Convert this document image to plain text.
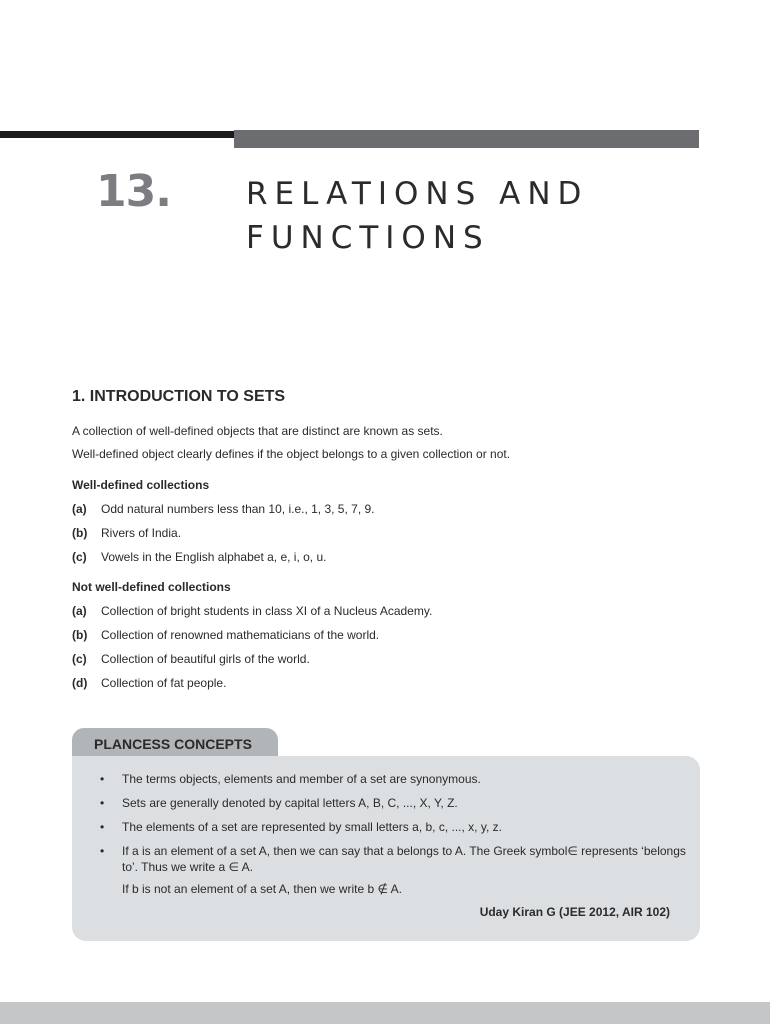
13. RELATIONS AND
FUNCTIONS
1. INTRODUCTION TO SETS
A collection of well-defined objects that are distinct are known as sets.
Well-defined object clearly defines if the object belongs to a given collection or not.
Well-defined collections
(a) Odd natural numbers less than 10, i.e., 1, 3, 5, 7, 9.
(b) Rivers of India.
(c) Vowels in the English alphabet a, e, i, o, u.
Not well-defined collections
(a) Collection of bright students in class XI of a Nucleus Academy.
(b) Collection of renowned mathematicians of the world.
(c) Collection of beautiful girls of the world.
(d) Collection of fat people.
PLANCESS CONCEPTS
• The terms objects, elements and member of a set are synonymous.
• Sets are generally denoted by capital letters A, B, C, ..., X, Y, Z.
• The elements of a set are represented by small letters a, b, c, ..., x, y, z.
• If a is an element of a set A, then we can say that a belongs to A. The Greek symbol∈ represents ‘belongs to’. Thus we write a ∈ A.
If b is not an element of a set A, then we write b ∉ A.
Uday Kiran G (JEE 2012, AIR 102)
